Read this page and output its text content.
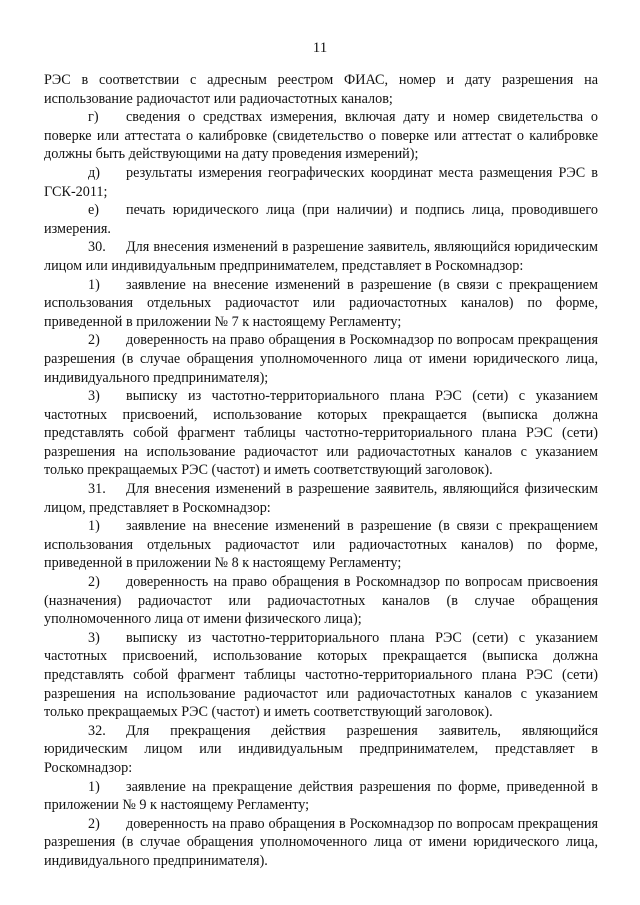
11

РЭС в соответствии с адресным реестром ФИАС, номер и дату разрешения на использование радиочастот или радиочастотных каналов;

г) сведения о средствах измерения, включая дату и номер свидетельства о поверке или аттестата о калибровке (свидетельство о поверке или аттестат о калибровке должны быть действующими на дату проведения измерений);

д) результаты измерения географических координат места размещения РЭС в ГСК-2011;

е) печать юридического лица (при наличии) и подпись лица, проводившего измерения.

30. Для внесения изменений в разрешение заявитель, являющийся юридическим лицом или индивидуальным предпринимателем, представляет в Роскомнадзор:

1) заявление на внесение изменений в разрешение (в связи с прекращением использования отдельных радиочастот или радиочастотных каналов) по форме, приведенной в приложении № 7 к настоящему Регламенту;

2) доверенность на право обращения в Роскомнадзор по вопросам прекращения разрешения (в случае обращения уполномоченного лица от имени юридического лица, индивидуального предпринимателя);

3) выписку из частотно-территориального плана РЭС (сети) с указанием частотных присвоений, использование которых прекращается (выписка должна представлять собой фрагмент таблицы частотно-территориального плана РЭС (сети) разрешения на использование радиочастот или радиочастотных каналов с указанием только прекращаемых РЭС (частот) и иметь соответствующий заголовок).

31. Для внесения изменений в разрешение заявитель, являющийся физическим лицом, представляет в Роскомнадзор:

1) заявление на внесение изменений в разрешение (в связи с прекращением использования отдельных радиочастот или радиочастотных каналов) по форме, приведенной в приложении № 8 к настоящему Регламенту;

2) доверенность на право обращения в Роскомнадзор по вопросам присвоения (назначения) радиочастот или радиочастотных каналов (в случае обращения уполномоченного лица от имени физического лица);

3) выписку из частотно-территориального плана РЭС (сети) с указанием частотных присвоений, использование которых прекращается (выписка должна представлять собой фрагмент таблицы частотно-территориального плана РЭС (сети) разрешения на использование радиочастот или радиочастотных каналов с указанием только прекращаемых РЭС (частот) и иметь соответствующий заголовок).

32. Для прекращения действия разрешения заявитель, являющийся юридическим лицом или индивидуальным предпринимателем, представляет в Роскомнадзор:

1) заявление на прекращение действия разрешения по форме, приведенной в приложении № 9 к настоящему Регламенту;

2) доверенность на право обращения в Роскомнадзор по вопросам прекращения разрешения (в случае обращения уполномоченного лица от имени юридического лица, индивидуального предпринимателя).
